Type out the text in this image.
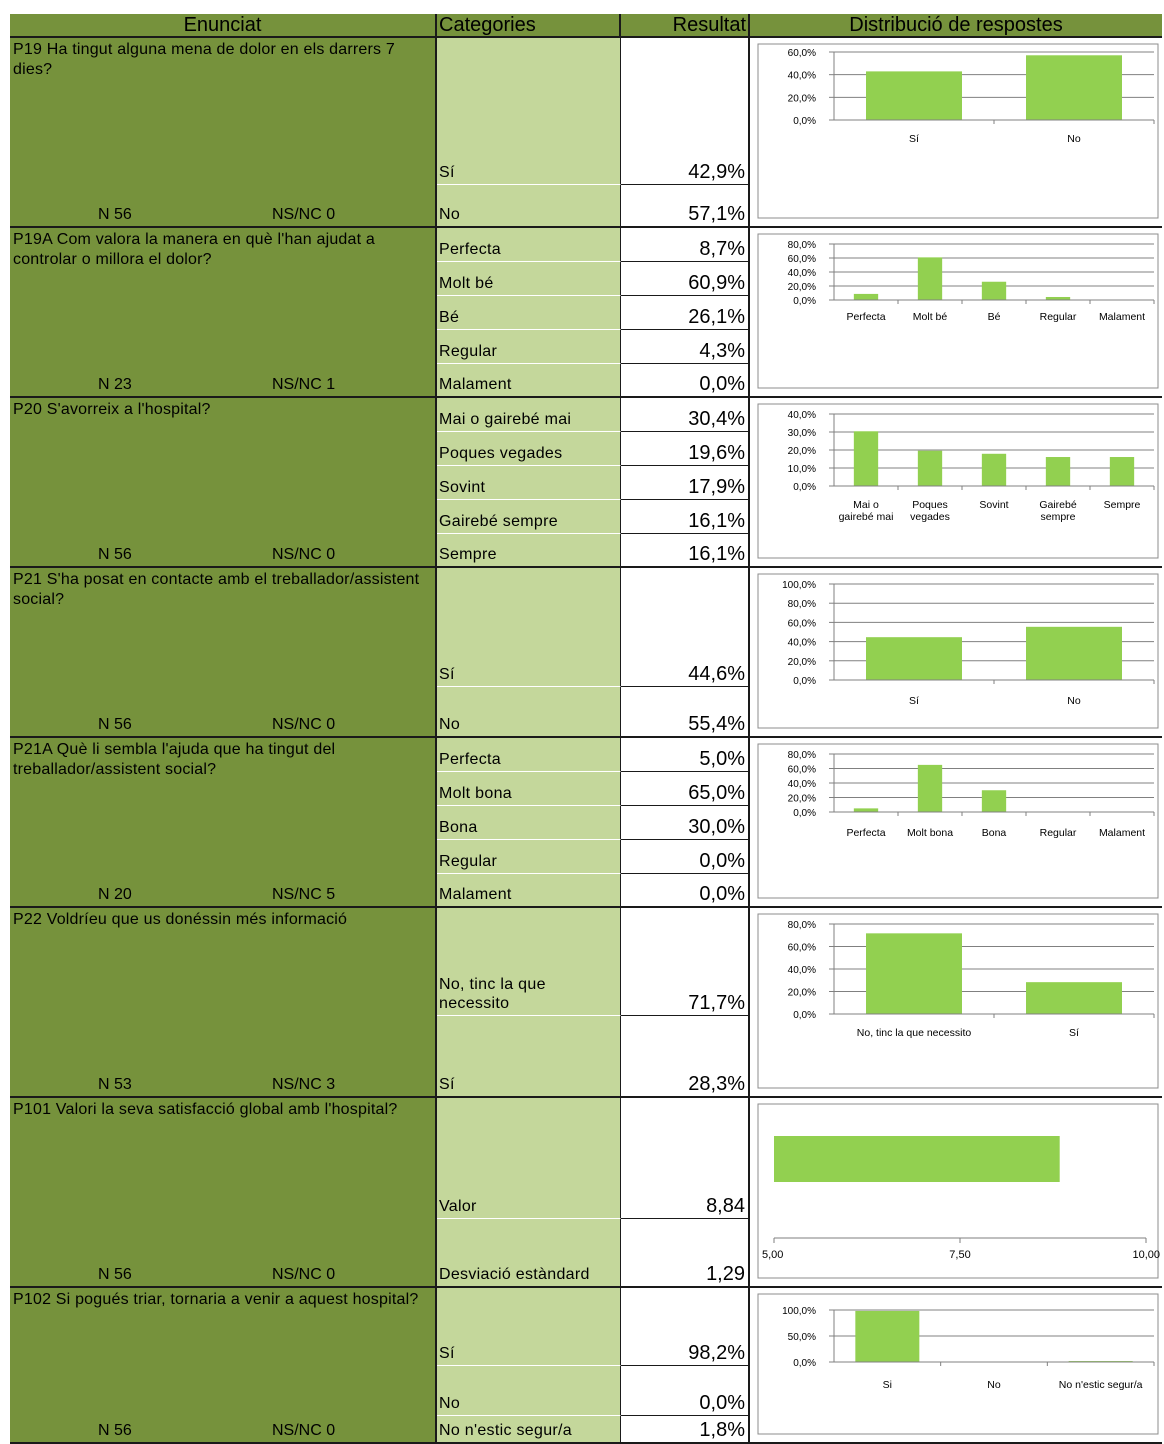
Enunciat	Categories	Resultat	Distribució de respostes
P19 Ha tingut alguna mena de dolor en els darrers 7 dies?
N 56	NS/NC 0
Sí	42,9%
No	57,1%
0,0%
20,0%
40,0%
60,0%
Sí	No
P19A Com valora la manera en què l'han ajudat a controlar o millora el dolor?
N 23	NS/NC 1
Perfecta	8,7%
Molt bé	60,9%
Bé	26,1%
Regular	4,3%
Malament	0,0%
0,0%
20,0%
40,0%
60,0%
80,0%
Perfecta	Molt bé	Bé	Regular Malament
P20 S'avorreix a l'hospital?
N 56	NS/NC 0
Mai o gairebé mai	30,4%
Poques vegades	19,6%
Sovint	17,9%
Gairebé sempre	16,1%
Sempre	16,1%
0,0%
10,0%
20,0%
30,0%
40,0%
Mai o
gairebé mai
Poques
vegades
Sovint	Gairebé
sempre
Sempre
P21 S'ha posat en contacte amb el treballador/assistent social?
N 56	NS/NC 0
Sí	44,6%
No	55,4%
0,0%
20,0%
40,0%
60,0%
80,0%
100,0%
Sí	No
P21A Què li sembla l'ajuda que ha tingut del treballador/assistent social?
N 20	NS/NC 5
Perfecta	5,0%
Molt bona	65,0%
Bona	30,0%
Regular	0,0%
Malament	0,0%
0,0%
20,0%
40,0%
60,0%
80,0%
Perfecta Molt bona	Bona	Regular Malament
P22 Voldríeu que us donéssin més informació
N 53	NS/NC 3
No, tinc la que necessito	71,7%
Sí	28,3%
0,0%
20,0%
40,0%
60,0%
80,0%
No, tinc la que necessito	Sí
P101 Valori la seva satisfacció global amb l'hospital?
N 56	NS/NC 0
Valor	8,84
Desviació estàndard	1,29
5,00	7,50	10,00
P102 Si pogués triar, tornaria a venir a aquest hospital?
N 56	NS/NC 0
Sí	98,2%
No	0,0%
No n'estic segur/a	1,8%
0,0%
50,0%
100,0%
Si	No	No n'estic segur/a
